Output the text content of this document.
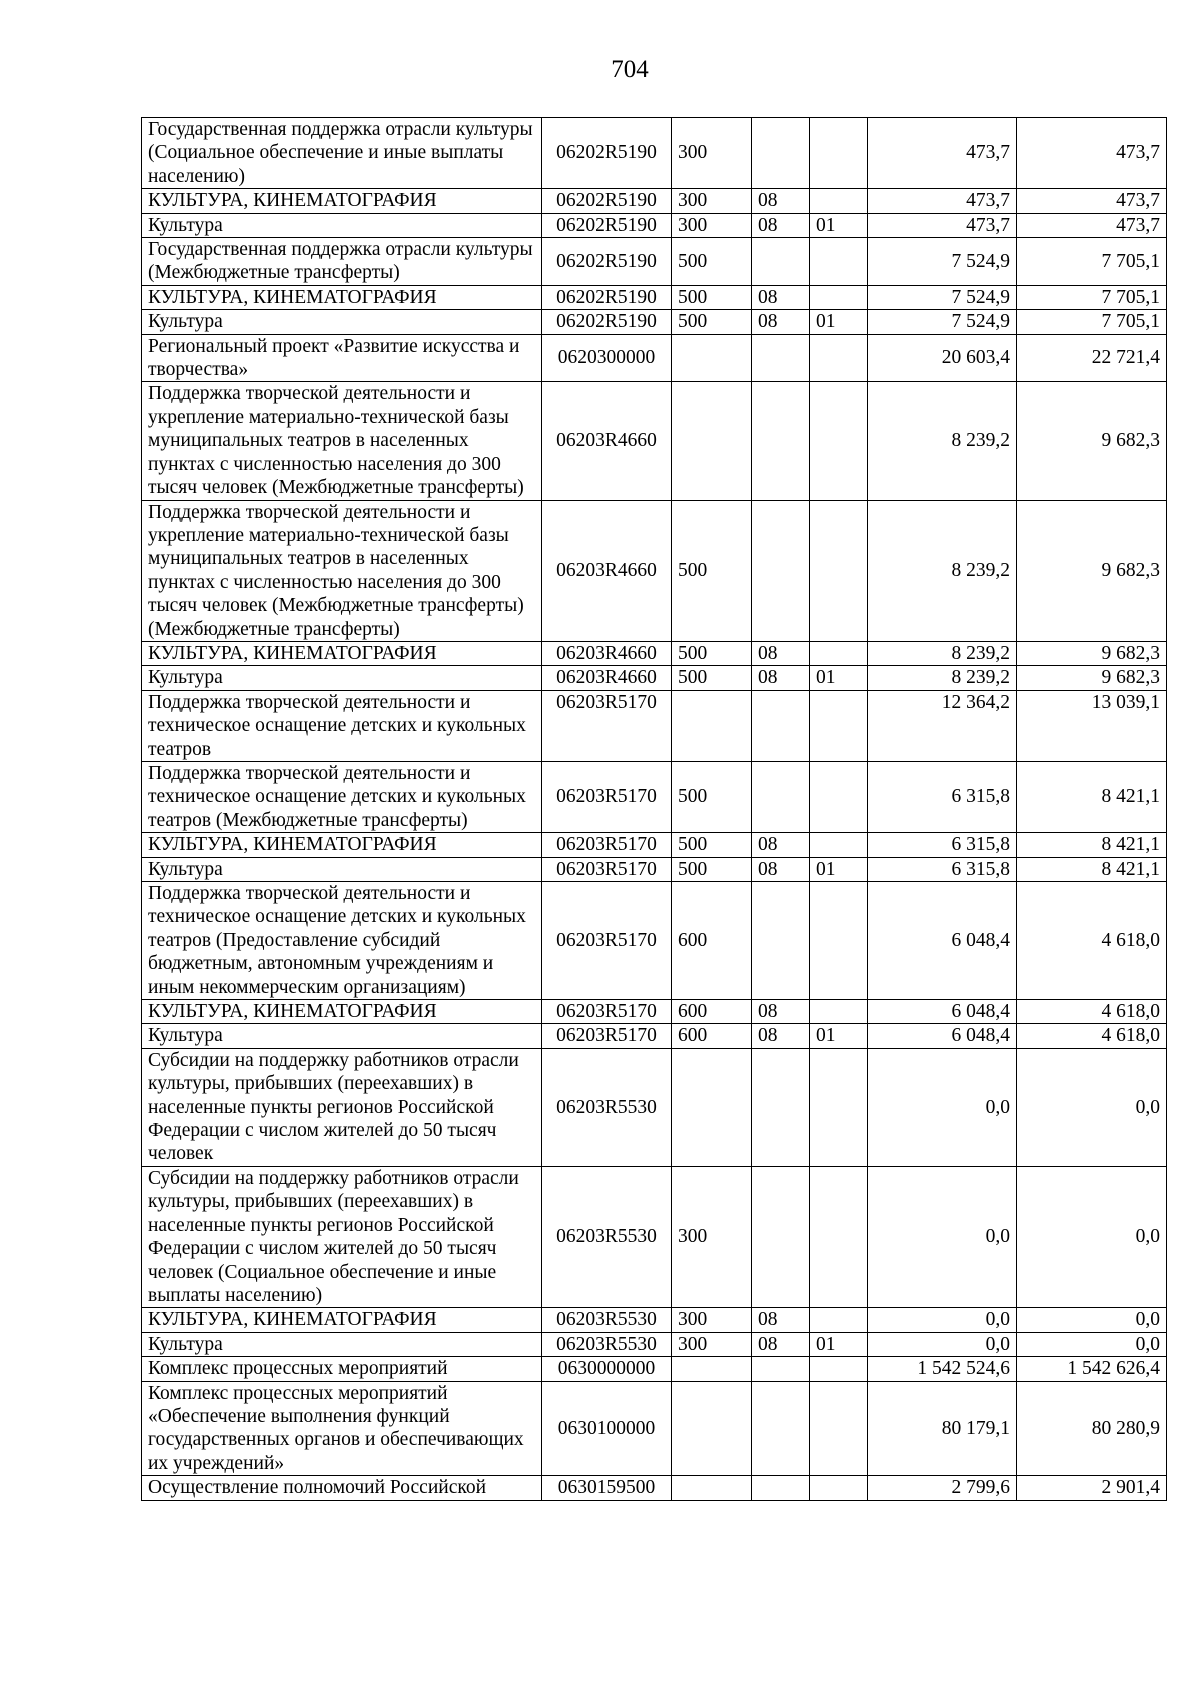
704
Государственная поддержка отрасли культуры (Социальное обеспечение и иные выплаты населению)	06202R5190	300			473,7	473,7
КУЛЬТУРА, КИНЕМАТОГРАФИЯ	06202R5190	300	08		473,7	473,7
Культура	06202R5190	300	08	01	473,7	473,7
Государственная поддержка отрасли культуры (Межбюджетные трансферты)	06202R5190	500			7 524,9	7 705,1
КУЛЬТУРА, КИНЕМАТОГРАФИЯ	06202R5190	500	08		7 524,9	7 705,1
Культура	06202R5190	500	08	01	7 524,9	7 705,1
Региональный проект «Развитие искусства и творчества»	0620300000				20 603,4	22 721,4
Поддержка творческой деятельности и укрепление материально-технической базы муниципальных театров в населенных пунктах с численностью населения до 300 тысяч человек (Межбюджетные трансферты)	06203R4660				8 239,2	9 682,3
Поддержка творческой деятельности и укрепление материально-технической базы муниципальных театров в населенных пунктах с численностью населения до 300 тысяч человек (Межбюджетные трансферты) (Межбюджетные трансферты)	06203R4660	500			8 239,2	9 682,3
КУЛЬТУРА, КИНЕМАТОГРАФИЯ	06203R4660	500	08		8 239,2	9 682,3
Культура	06203R4660	500	08	01	8 239,2	9 682,3
Поддержка творческой деятельности и техническое оснащение детских и кукольных театров	06203R5170				12 364,2	13 039,1
Поддержка творческой деятельности и техническое оснащение детских и кукольных театров (Межбюджетные трансферты)	06203R5170	500			6 315,8	8 421,1
КУЛЬТУРА, КИНЕМАТОГРАФИЯ	06203R5170	500	08		6 315,8	8 421,1
Культура	06203R5170	500	08	01	6 315,8	8 421,1
Поддержка творческой деятельности и техническое оснащение детских и кукольных театров (Предоставление субсидий бюджетным, автономным учреждениям и иным некоммерческим организациям)	06203R5170	600			6 048,4	4 618,0
КУЛЬТУРА, КИНЕМАТОГРАФИЯ	06203R5170	600	08		6 048,4	4 618,0
Культура	06203R5170	600	08	01	6 048,4	4 618,0
Субсидии на поддержку работников отрасли культуры, прибывших (переехавших) в населенные пункты регионов Российской Федерации с числом жителей до 50 тысяч человек	06203R5530				0,0	0,0
Субсидии на поддержку работников отрасли культуры, прибывших (переехавших) в населенные пункты регионов Российской Федерации с числом жителей до 50 тысяч человек (Социальное обеспечение и иные выплаты населению)	06203R5530	300			0,0	0,0
КУЛЬТУРА, КИНЕМАТОГРАФИЯ	06203R5530	300	08		0,0	0,0
Культура	06203R5530	300	08	01	0,0	0,0
Комплекс процессных мероприятий	0630000000				1 542 524,6	1 542 626,4
Комплекс процессных мероприятий «Обеспечение выполнения функций государственных органов и обеспечивающих их учреждений»	0630100000				80 179,1	80 280,9
Осуществление полномочий Российской	0630159500				2 799,6	2 901,4
